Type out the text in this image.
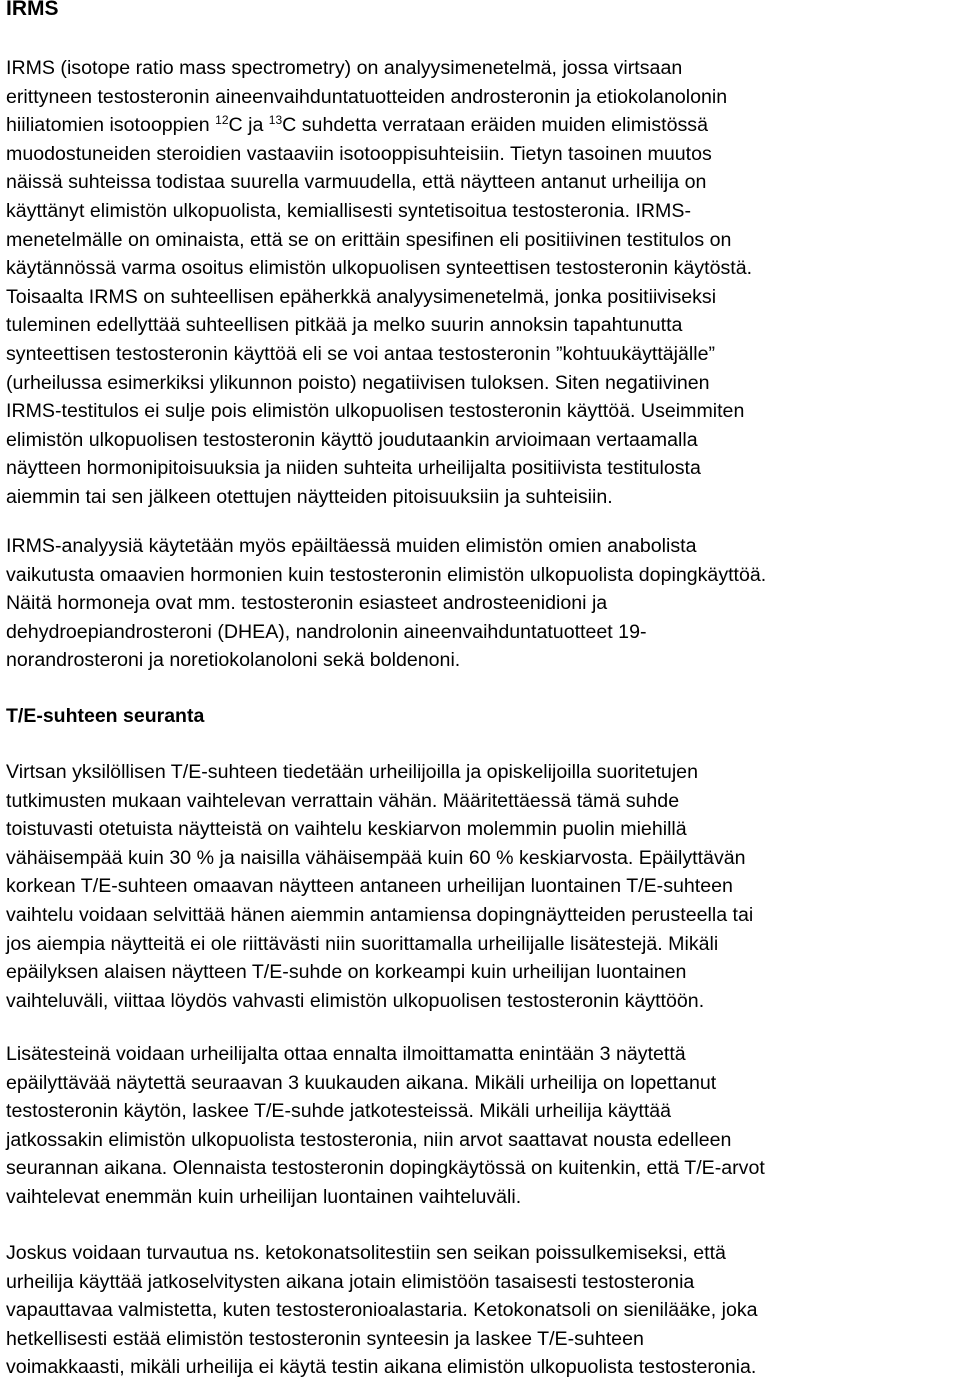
IRMS

IRMS (isotope ratio mass spectrometry) on analyysimenetelmä, jossa virtsaan
erittyneen testosteronin aineenvaihduntatuotteiden androsteronin ja etiokolanolonin
hiiliatomien isotooppien $^{12}$C ja $^{13}$C suhdetta verrataan eräiden muiden elimistössä
muodostuneiden steroidien vastaaviin isotooppisuhteisiin. Tietyn tasoinen muutos
näissä suhteissa todistaa suurella varmuudella, että näytteen antanut urheilija on
käyttänyt elimistön ulkopuolista, kemiallisesti syntetisoitua testosteronia. IRMS-
menetelmälle on ominaista, että se on erittäin spesifinen eli positiivinen testitulos on
käytännössä varma osoitus elimistön ulkopuolisen synteettisen testosteronin käytöstä.
Toisaalta IRMS on suhteellisen epäherkkä analyysimenetelmä, jonka positiiviseksi
tuleminen edellyttää suhteellisen pitkää ja melko suurin annoksin tapahtunutta
synteettisen testosteronin käyttöä eli se voi antaa testosteronin ”kohtuukäyttäjälle”
(urheilussa esimerkiksi ylikunnon poisto) negatiivisen tuloksen. Siten negatiivinen
IRMS-testitulos ei sulje pois elimistön ulkopuolisen testosteronin käyttöä. Useimmiten
elimistön ulkopuolisen testosteronin käyttö joudutaankin arvioimaan vertaamalla
näytteen hormonipitoisuuksia ja niiden suhteita urheilijalta positiivista testitulosta
aiemmin tai sen jälkeen otettujen näytteiden pitoisuuksiin ja suhteisiin.

IRMS-analyysiä käytetään myös epäiltäessä muiden elimistön omien anabolista
vaikutusta omaavien hormonien kuin testosteronin elimistön ulkopuolista dopingkäyttöä.
Näitä hormoneja ovat mm. testosteronin esiasteet androsteenidioni ja
dehydroepiandrosteroni (DHEA), nandrolonin aineenvaihduntatuotteet 19-
norandrosteroni ja noretiokolanoloni sekä boldenoni.

T/E-suhteen seuranta

Virtsan yksilöllisen T/E-suhteen tiedetään urheilijoilla ja opiskelijoilla suoritetujen
tutkimusten mukaan vaihtelevan verrattain vähän. Määritettäessä tämä suhde
toistuvasti otetuista näytteistä on vaihtelu keskiarvon molemmin puolin miehillä
vähäisempää kuin 30 % ja naisilla vähäisempää kuin 60 % keskiarvosta. Epäilyttävän
korkean T/E-suhteen omaavan näytteen antaneen urheilijan luontainen T/E-suhteen
vaihtelu voidaan selvittää hänen aiemmin antamiensa dopingnäytteiden perusteella tai
jos aiempia näytteitä ei ole riittävästi niin suorittamalla urheilijalle lisätestejä. Mikäli
epäilyksen alaisen näytteen T/E-suhde on korkeampi kuin urheilijan luontainen
vaihteluväli, viittaa löydös vahvasti elimistön ulkopuolisen testosteronin käyttöön.

Lisätesteinä voidaan urheilijalta ottaa ennalta ilmoittamatta enintään 3 näytettä
epäilyttävää näytettä seuraavan 3 kuukauden aikana. Mikäli urheilija on lopettanut
testosteronin käytön, laskee T/E-suhde jatkotesteissä. Mikäli urheilija käyttää
jatkossakin elimistön ulkopuolista testosteronia, niin arvot saattavat nousta edelleen
seurannan aikana. Olennaista testosteronin dopingkäytössä on kuitenkin, että T/E-arvot
vaihtelevat enemmän kuin urheilijan luontainen vaihteluväli.

Joskus voidaan turvautua ns. ketokonatsolitestiin sen seikan poissulkemiseksi, että
urheilija käyttää jatkoselvitysten aikana jotain elimistöön tasaisesti testosteronia
vapauttavaa valmistetta, kuten testosteronioalastaria. Ketokonatsoli on sienilääke, joka
hetkellisesti estää elimistön testosteronin synteesin ja laskee T/E-suhteen
voimakkaasti, mikäli urheilija ei käytä testin aikana elimistön ulkopuolista testosteronia.
